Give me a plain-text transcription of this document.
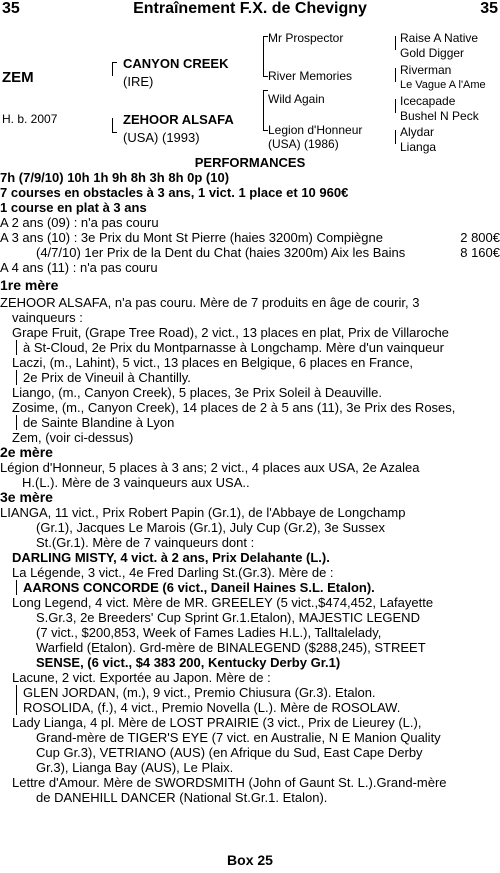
35	Entraînement F.X. de Chevigny	35
ZEM
H. b. 2007
CANYON CREEK
(IRE)
ZEHOOR ALSAFA
(USA) (1993)
Mr Prospector
River Memories
Wild Again
Legion d'Honneur
(USA) (1986)
Raise A Native
Gold Digger
Riverman
Le Vague A l'Ame
Icecapade
Bushel N Peck
Alydar
Lianga
PERFORMANCES
7h (7/9/10) 10h 1h 9h 8h 3h 8h 0p (10)
7 courses en obstacles à 3 ans, 1 vict. 1 place et 10 960€
1 course en plat à 3 ans
A 2 ans (09) : n'a pas couru
A 3 ans (10) : 3e Prix du Mont St Pierre (haies 3200m) Compiègne	2 800€
(4/7/10) 1er Prix de la Dent du Chat (haies 3200m) Aix les Bains	8 160€
A 4 ans (11) : n'a pas couru
1re mère
ZEHOOR ALSAFA, n'a pas couru. Mère de 7 produits en âge de courir, 3
vainqueurs :
Grape Fruit, (Grape Tree Road), 2 vict., 13 places en plat, Prix de Villaroche
à St-Cloud, 2e Prix du Montparnasse à Longchamp. Mère d'un vainqueur
Laczi, (m., Lahint), 5 vict., 13 places en Belgique, 6 places en France,
2e Prix de Vineuil à Chantilly.
Liango, (m., Canyon Creek), 5 places, 3e Prix Soleil à Deauville.
Zosime, (m., Canyon Creek), 14 places de 2 à 5 ans (11), 3e Prix des Roses,
de Sainte Blandine à Lyon
Zem, (voir ci-dessus)
2e mère
Légion d'Honneur, 5 places à 3 ans; 2 vict., 4 places aux USA, 2e Azalea
H.(L.). Mère de 3 vainqueurs aux USA..
3e mère
LIANGA, 11 vict., Prix Robert Papin (Gr.1), de l'Abbaye de Longchamp
(Gr.1), Jacques Le Marois (Gr.1), July Cup (Gr.2), 3e Sussex
St.(Gr.1). Mère de 7 vainqueurs dont :
DARLING MISTY, 4 vict. à 2 ans, Prix Delahante (L.).
La Légende, 3 vict., 4e Fred Darling St.(Gr.3). Mère de :
AARONS CONCORDE (6 vict., Daneil Haines S.L. Etalon).
Long Legend, 4 vict. Mère de MR. GREELEY (5 vict.,$474,452, Lafayette
S.Gr.3, 2e Breeders' Cup Sprint Gr.1.Etalon), MAJESTIC LEGEND
(7 vict., $200,853, Week of Fames Ladies H.L.), Talltalelady,
Warfield (Etalon). Grd-mère de BINALEGEND ($288,245), STREET
SENSE, (6 vict., $4 383 200, Kentucky Derby Gr.1)
Lacune, 2 vict. Exportée au Japon. Mère de :
GLEN JORDAN, (m.), 9 vict., Premio Chiusura (Gr.3). Etalon.
ROSOLIDA, (f.), 4 vict., Premio Novella (L.). Mère de ROSOLAW.
Lady Lianga, 4 pl. Mère de LOST PRAIRIE (3 vict., Prix de Lieurey (L.),
Grand-mère de TIGER'S EYE (7 vict. en Australie, N E Manion Quality
Cup Gr.3), VETRIANO (AUS) (en Afrique du Sud, East Cape Derby
Gr.3), Lianga Bay (AUS), Le Plaix.
Lettre d'Amour. Mère de SWORDSMITH (John of Gaunt St. L.).Grand-mère
de DANEHILL DANCER (National St.Gr.1. Etalon).
Box 25
